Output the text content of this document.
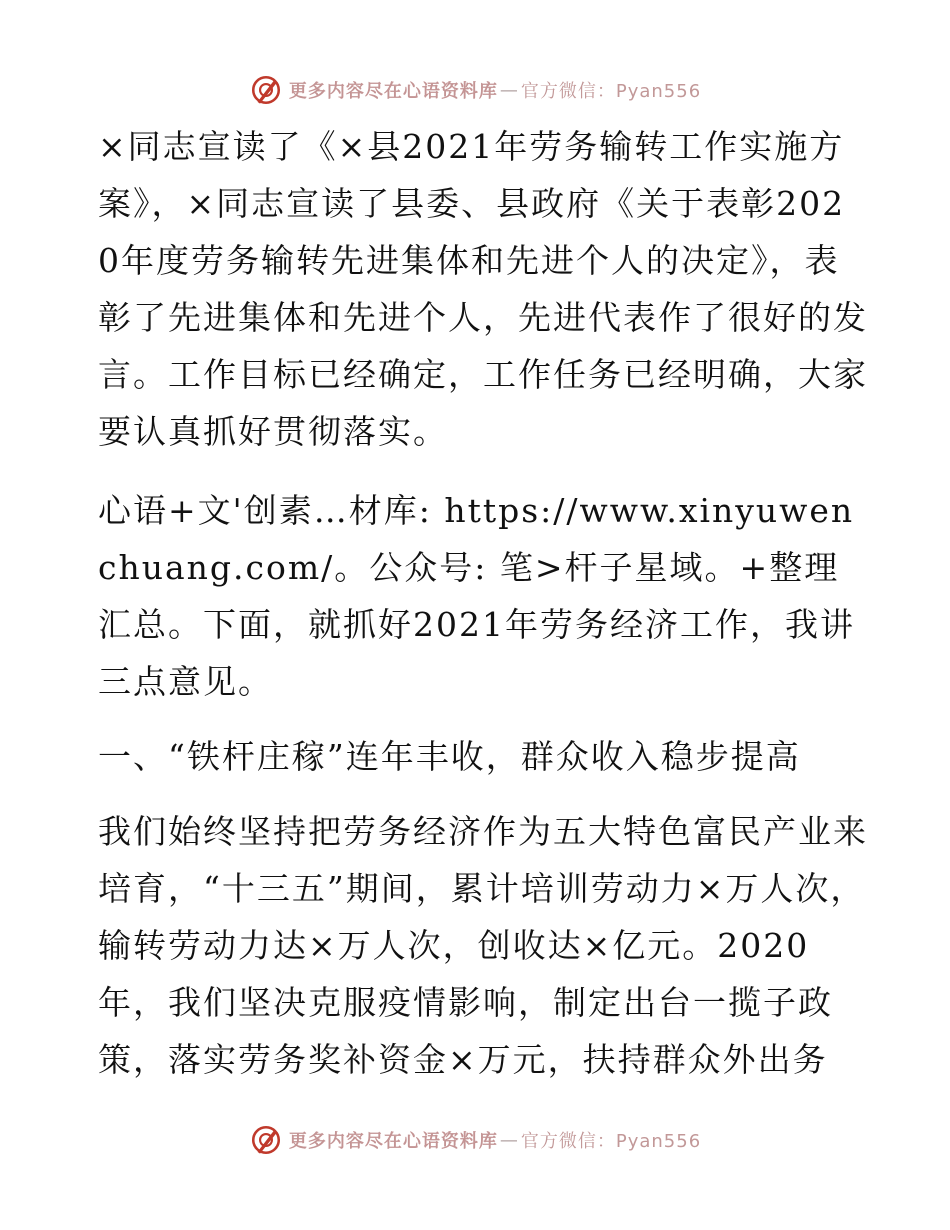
更多内容尽在心语资料库 — 官方微信：Pyan556

×同志宣读了《×县2021年劳务输转工作实施方案》，×同志宣读了县委、县政府《关于表彰2020年度劳务输转先进集体和先进个人的决定》，表彰了先进集体和先进个人，先进代表作了很好的发言。工作目标已经确定，工作任务已经明确，大家要认真抓好贯彻落实。

心语+文'创素…材库: https://www.xinyuwenchuang.com/。公众号: 笔>杆子星域。+整理汇总。下面，就抓好2021年劳务经济工作，我讲三点意见。

一、“铁杆庄稼”连年丰收，群众收入稳步提高

我们始终坚持把劳务经济作为五大特色富民产业来培育，“十三五”期间，累计培训劳动力×万人次，输转劳动力达×万人次，创收达×亿元。2020年，我们坚决克服疫情影响，制定出台一揽子政策，落实劳务奖补资金×万元，扶持群众外出务

更多内容尽在心语资料库 — 官方微信：Pyan556
